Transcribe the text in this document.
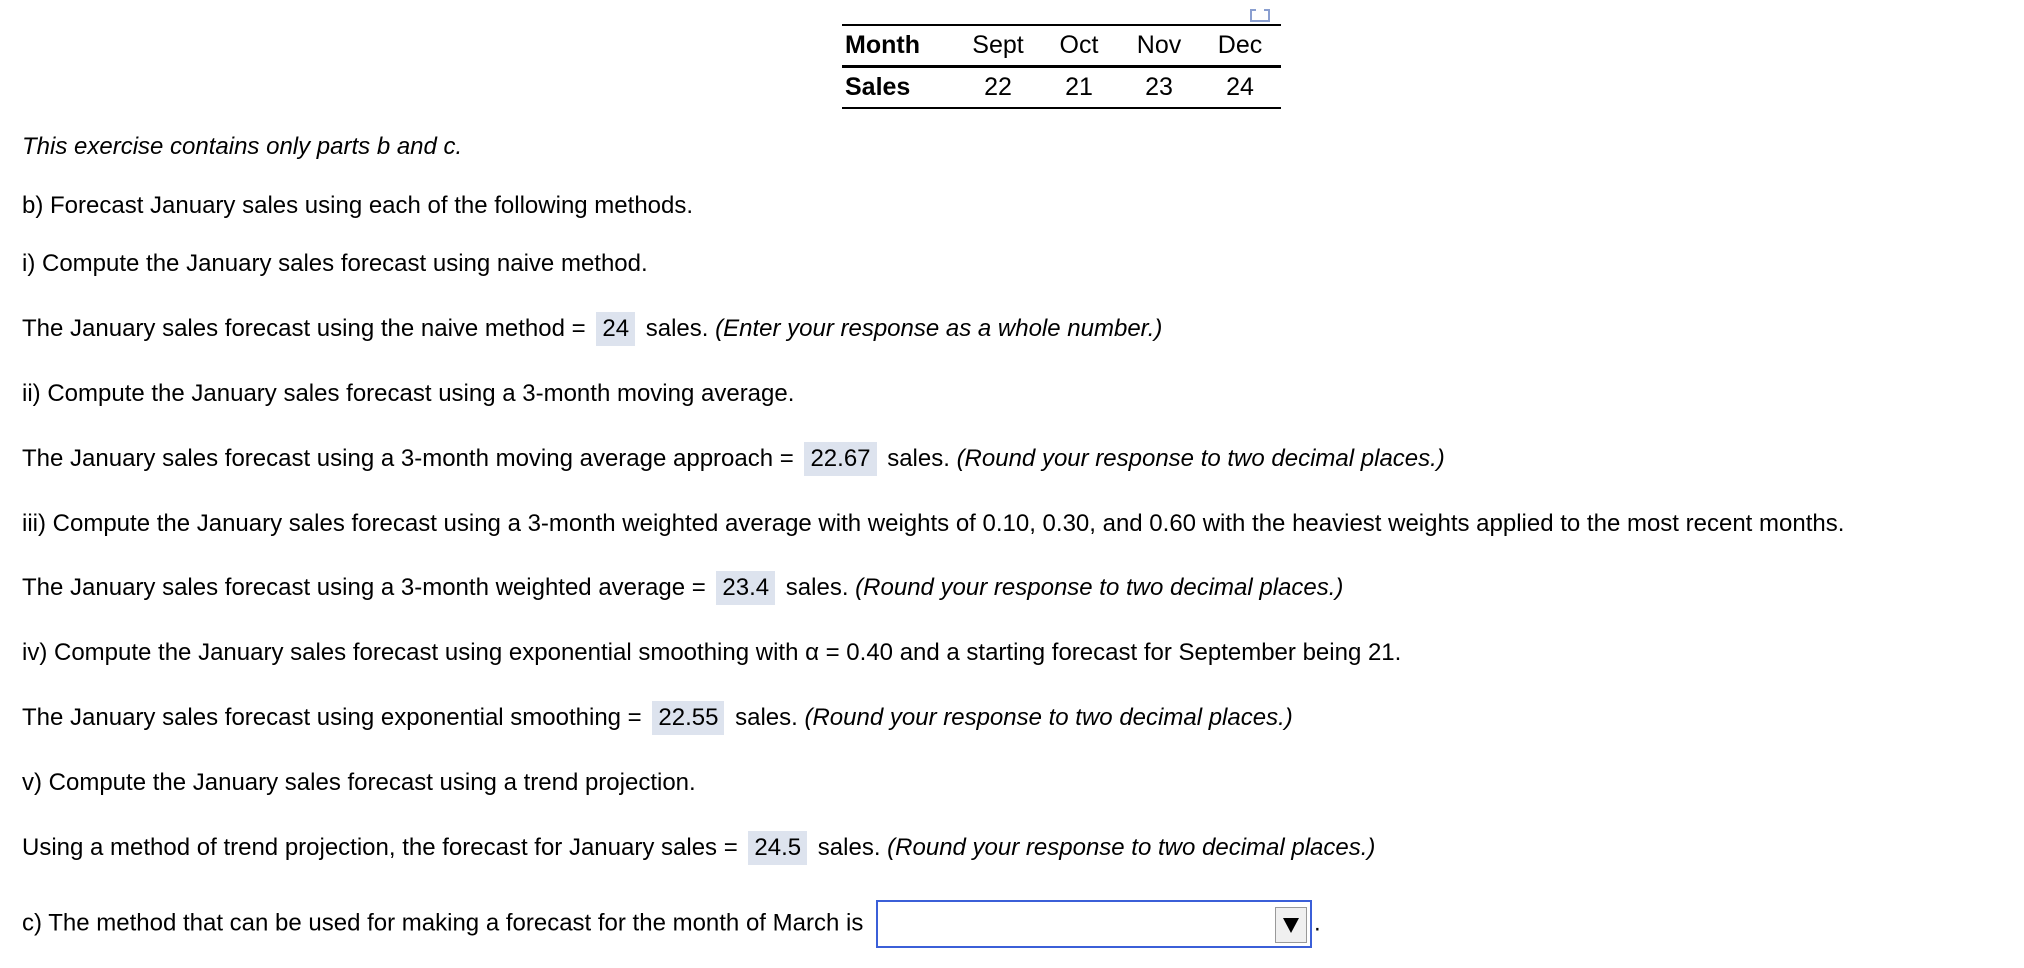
Month	Sept	Oct	Nov	Dec
Sales	22	21	23	24
This exercise contains only parts b and c.
b) Forecast January sales using each of the following methods.
i) Compute the January sales forecast using naive method.
The January sales forecast using the naive method = 24 sales. (Enter your response as a whole number.)
ii) Compute the January sales forecast using a 3-month moving average.
The January sales forecast using a 3-month moving average approach = 22.67 sales. (Round your response to two decimal places.)
iii) Compute the January sales forecast using a 3-month weighted average with weights of 0.10, 0.30, and 0.60 with the heaviest weights applied to the most recent months.
The January sales forecast using a 3-month weighted average = 23.4 sales. (Round your response to two decimal places.)
iv) Compute the January sales forecast using exponential smoothing with α = 0.40 and a starting forecast for September being 21.
The January sales forecast using exponential smoothing = 22.55 sales. (Round your response to two decimal places.)
v) Compute the January sales forecast using a trend projection.
Using a method of trend projection, the forecast for January sales = 24.5 sales. (Round your response to two decimal places.)
c) The method that can be used for making a forecast for the month of March is	.
